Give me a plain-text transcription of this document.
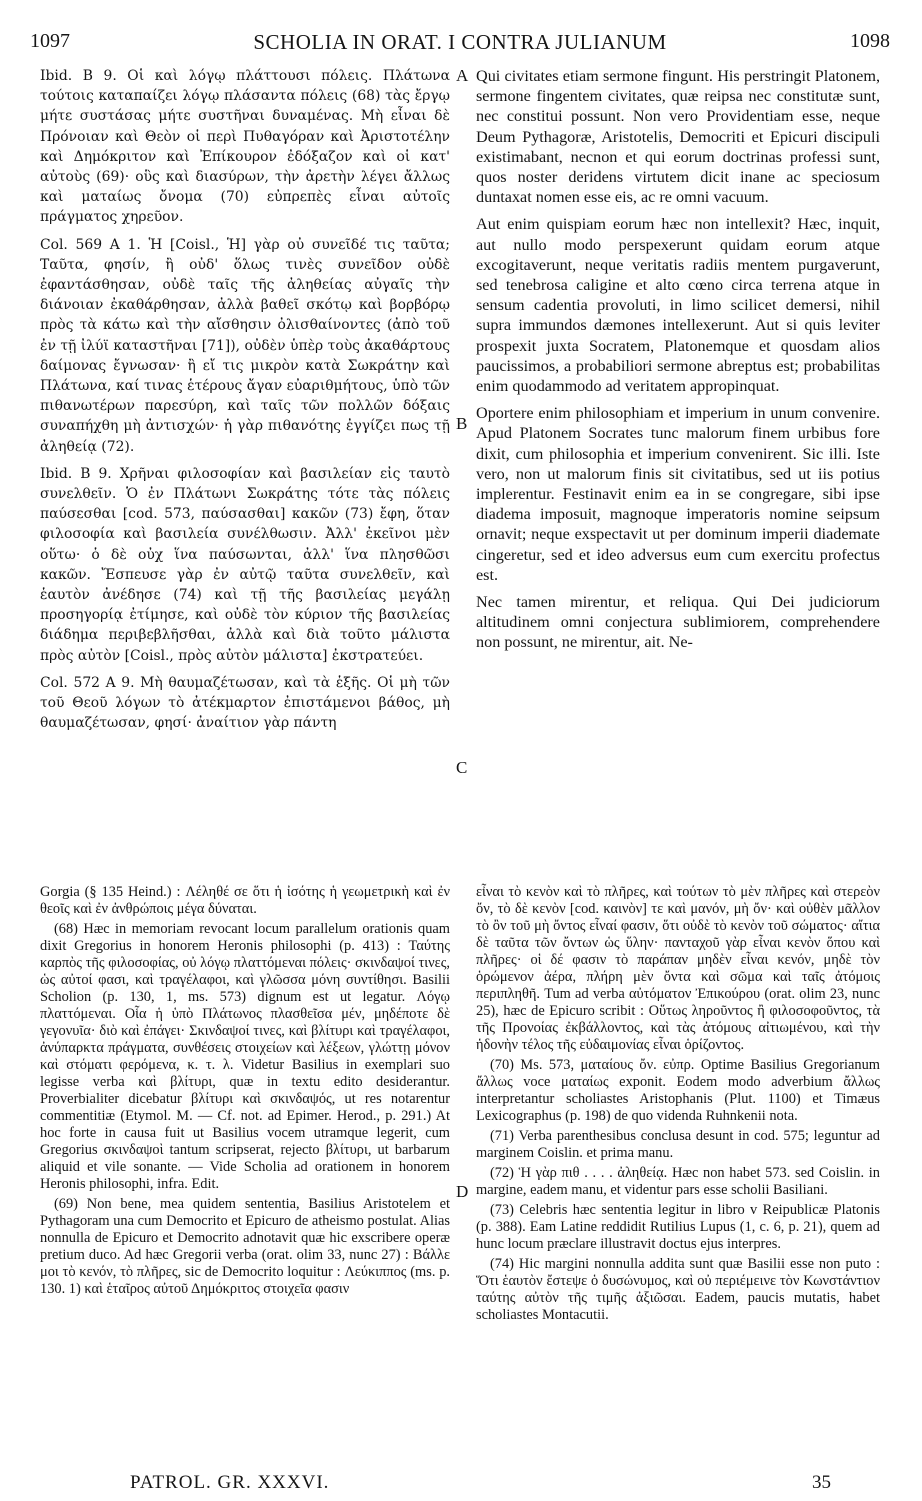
1097	SCHOLIA IN ORAT. I CONTRA JULIANUM	1098

Ibid. B 9. Οἱ καὶ λόγῳ πλάττουσι πόλεις. Πλάτωνα τούτοις καταπαίζει λόγῳ πλάσαντα πόλεις (68) τὰς ἔργῳ μήτε συστάσας μήτε συστῆναι δυναμένας. Μὴ εἶναι δὲ Πρόνοιαν καὶ Θεὸν οἱ περὶ Πυθαγόραν καὶ Ἀριστοτέλην καὶ Δημόκριτον καὶ Ἐπίκουρον ἐδόξαζον καὶ οἱ κατ' αὐτοὺς (69)· οὓς καὶ διασύρων, τὴν ἀρετὴν λέγει ἄλλως καὶ ματαίως ὄνομα (70) εὐπρεπὲς εἶναι αὐτοῖς πράγματος χηρεῦον.

Col. 569 A 1. Ἡ [Coisl., Ἡ] γὰρ οὐ συνεῖδέ τις ταῦτα; Ταῦτα, φησίν, ἢ οὐδ' ὅλως τινὲς συνεῖδον οὐδὲ ἐφαντάσθησαν, οὐδὲ ταῖς τῆς ἀληθείας αὐγαῖς τὴν διάνοιαν ἐκαθάρθησαν, ἀλλὰ βαθεῖ σκότῳ καὶ βορβόρῳ πρὸς τὰ κάτω καὶ τὴν αἴσθησιν ὀλισθαίνοντες (ἀπὸ τοῦ ἐν τῇ ἰλύϊ καταστῆναι [71]), οὐδὲν ὑπὲρ τοὺς ἀκαθάρτους δαίμονας ἔγνωσαν· ἢ εἴ τις μικρὸν κατὰ Σωκράτην καὶ Πλάτωνα, καί τινας ἑτέρους ἄγαν εὐαριθμήτους, ὑπὸ τῶν πιθανωτέρων παρεσύρη, καὶ ταῖς τῶν πολλῶν δόξαις συναπήχθη μὴ ἀντισχών· ἡ γὰρ πιθανότης ἐγγίζει πως τῇ ἀληθείᾳ (72).

Ibid. B 9. Χρῆναι φιλοσοφίαν καὶ βασιλείαν εἰς ταυτὸ συνελθεῖν. Ὁ ἐν Πλάτωνι Σωκράτης τότε τὰς πόλεις παύσεσθαι [cod. 573, παύσασθαι] κακῶν (73) ἔφη, ὅταν φιλοσοφία καὶ βασιλεία συνέλθωσιν. Ἀλλ' ἐκεῖνοι μὲν οὕτω· ὁ δὲ οὐχ ἵνα παύσωνται, ἀλλ' ἵνα πλησθῶσι κακῶν. Ἔσπευσε γὰρ ἐν αὐτῷ ταῦτα συνελθεῖν, καὶ ἑαυτὸν ἀνέδησε (74) καὶ τῇ τῆς βασιλείας μεγάλῃ προσηγορίᾳ ἐτίμησε, καὶ οὐδὲ τὸν κύριον τῆς βασιλείας διάδημα περιβεβλῆσθαι, ἀλλὰ καὶ διὰ τοῦτο μάλιστα πρὸς αὐτὸν [Coisl., πρὸς αὐτὸν μάλιστα] ἐκστρατεύει.

Col. 572 A 9. Μὴ θαυμαζέτωσαν, καὶ τὰ ἑξῆς. Οἱ μὴ τῶν τοῦ Θεοῦ λόγων τὸ ἀτέκμαρτον ἐπιστάμενοι βάθος, μὴ θαυμαζέτωσαν, φησί· ἀναίτιον γὰρ πάντη

Qui civitates etiam sermone fingunt. His perstringit Platonem, sermone fingentem civitates, quæ reipsa nec constitutæ sunt, nec constitui possunt. Non vero Providentiam esse, neque Deum Pythagoræ, Aristotelis, Democriti et Epicuri discipuli existimabant, necnon et qui eorum doctrinas professi sunt, quos noster deridens virtutem dicit inane ac speciosum duntaxat nomen esse eis, ac re omni vacuum.

Aut enim quispiam eorum hæc non intellexit? Hæc, inquit, aut nullo modo perspexerunt quidam eorum atque excogitaverunt, neque veritatis radiis mentem purgaverunt, sed tenebrosa caligine et alto cœno circa terrena atque in sensum cadentia provoluti, in limo scilicet demersi, nihil supra immundos dæmones intellexerunt. Aut si quis leviter prospexit juxta Socratem, Platonemque et quosdam alios paucissimos, a probabiliori sermone abreptus est; probabilitas enim quodammodo ad veritatem appropinquat.

Oportere enim philosophiam et imperium in unum convenire. Apud Platonem Socrates tunc malorum finem urbibus fore dixit, cum philosophia et imperium convenirent. Sic illi. Iste vero, non ut malorum finis sit civitatibus, sed ut iis potius implerentur. Festinavit enim ea in se congregare, sibi ipse diadema imposuit, magnoque imperatoris nomine seipsum ornavit; neque exspectavit ut per dominum imperii diademate cingeretur, sed et ideo adversus eum cum exercitu profectus est.

Nec tamen mirentur, et reliqua. Qui Dei judiciorum altitudinem omni conjectura sublimiorem, comprehendere non possunt, ne mirentur, ait. Ne-

A
B
C
D

Gorgia (§ 135 Heind.) : Λέληθέ σε ὅτι ἡ ἰσότης ἡ γεωμετρικὴ καὶ ἐν θεοῖς καὶ ἐν ἀνθρώποις μέγα δύναται.

(68) Hæc in memoriam revocant locum parallelum orationis quam dixit Gregorius in honorem Heronis philosophi (p. 413) : Ταύτης καρπὸς τῆς φιλοσοφίας, οὐ λόγῳ πλαττόμεναι πόλεις· σκινδαψοί τινες, ὡς αὐτοί φασι, καὶ τραγέλαφοι, καὶ γλῶσσα μόνη συντίθησι. Basilii Scholion (p. 130, 1, ms. 573) dignum est ut legatur. Λόγῳ πλαττόμεναι. Οἷα ἡ ὑπὸ Πλάτωνος πλασθεῖσα μέν, μηδέποτε δὲ γεγονυῖα· διὸ καὶ ἐπάγει· Σκινδαψοί τινες, καὶ βλίτυρι καὶ τραγέλαφοι, ἀνύπαρκτα πράγματα, συνθέσεις στοιχείων καὶ λέξεων, γλώττῃ μόνον καὶ στόματι φερόμενα, κ. τ. λ. Videtur Basilius in exemplari suo legisse verba καὶ βλίτυρι, quæ in textu edito desiderantur. Proverbialiter dicebatur βλίτυρι καὶ σκινδαψός, ut res notarentur commentitiæ (Etymol. M. — Cf. not. ad Epimer. Herod., p. 291.) At hoc forte in causa fuit ut Basilius vocem utramque legerit, cum Gregorius σκινδαψοὶ tantum scripserat, rejecto βλίτυρι, ut barbarum aliquid et vile sonante. — Vide Scholia ad orationem in honorem Heronis philosophi, infra. Edit.

(69) Non bene, mea quidem sententia, Basilius Aristotelem et Pythagoram una cum Democrito et Epicuro de atheismo postulat. Alias nonnulla de Epicuro et Democrito adnotavit quæ hic exscribere operæ pretium duco. Ad hæc Gregorii verba (orat. olim 33, nunc 27) : Βάλλε μοι τὸ κενόν, τὸ πλῆρες, sic de Democrito loquitur : Λεύκιππος (ms. p. 130. 1) καὶ ἑταῖρος αὐτοῦ Δημόκριτος στοιχεῖα φασιν

εἶναι τὸ κενὸν καὶ τὸ πλῆρες, καὶ τούτων τὸ μὲν πλῆρες καὶ στερεὸν ὄν, τὸ δὲ κενὸν [cod. καινὸν] τε καὶ μανόν, μὴ ὄν· καὶ οὐθὲν μᾶλλον τὸ ὂν τοῦ μὴ ὄντος εἶναί φασιν, ὅτι οὐδὲ τὸ κενὸν τοῦ σώματος· αἴτια δὲ ταῦτα τῶν ὄντων ὡς ὕλην· πανταχοῦ γὰρ εἶναι κενὸν ὅπου καὶ πλῆρες· οἱ δέ φασιν τὸ παράπαν μηδὲν εἶναι κενόν, μηδὲ τὸν ὁρώμενον ἀέρα, πλήρη μὲν ὄντα καὶ σῶμα καὶ ταῖς ἀτόμοις περιπληθῆ. Tum ad verba αὐτόματον Ἐπικούρου (orat. olim 23, nunc 25), hæc de Epicuro scribit : Οὕτως ληροῦντος ἢ φιλοσοφοῦντος, τὰ τῆς Προνοίας ἐκβάλλοντος, καὶ τὰς ἀτόμους αἰτιωμένου, καὶ τὴν ἡδονὴν τέλος τῆς εὐδαιμονίας εἶναι ὁρίζοντος.

(70) Ms. 573, ματαίους ὄν. εὐπρ. Optime Basilius Gregorianum ἄλλως voce ματαίως exponit. Eodem modo adverbium ἄλλως interpretantur scholiastes Aristophanis (Plut. 1100) et Timæus Lexicographus (p. 198) de quo videnda Ruhnkenii nota.

(71) Verba parenthesibus conclusa desunt in cod. 575; leguntur ad marginem Coislin. et prima manu.

(72) Ἡ γὰρ πιθ . . . . ἀληθείᾳ. Hæc non habet 573. sed Coislin. in margine, eadem manu, et videntur pars esse scholii Basiliani.

(73) Celebris hæc sententia legitur in libro v Reipublicæ Platonis (p. 388). Eam Latine reddidit Rutilius Lupus (1, c. 6, p. 21), quem ad hunc locum præclare illustravit doctus ejus interpres.

(74) Hic margini nonnulla addita sunt quæ Basilii esse non puto : Ὅτι ἑαυτὸν ἔστεψε ὁ δυσώνυμος, καὶ οὐ περιέμεινε τὸν Κωνστάντιον ταύτης αὐτὸν τῆς τιμῆς ἀξιῶσαι. Eadem, paucis mutatis, habet scholiastes Montacutii.

PATROL. GR. XXXVI.	35
